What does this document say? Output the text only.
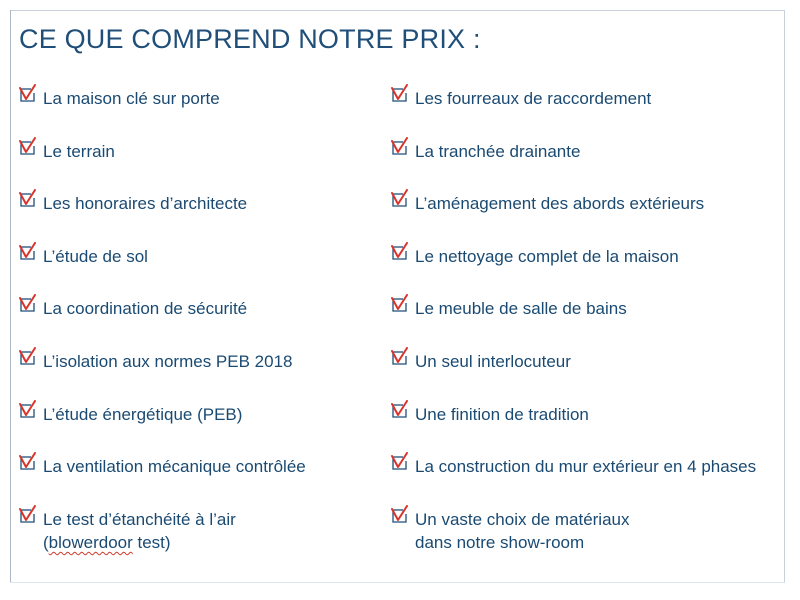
CE QUE COMPREND NOTRE PRIX :
La maison clé sur porte
Le terrain
Les honoraires d’architecte
L’étude de sol
La coordination de sécurité
L’isolation aux normes PEB 2018
L’étude énergétique (PEB)
La ventilation mécanique contrôlée
Le test d’étanchéité à l’air
(blowerdoor test)
Les fourreaux de raccordement
La tranchée drainante
L’aménagement des abords extérieurs
Le nettoyage complet de la maison
Le meuble de salle de bains
Un seul interlocuteur
Une finition de tradition
La construction du mur extérieur en 4 phases
Un vaste choix de matériaux
dans notre show-room
